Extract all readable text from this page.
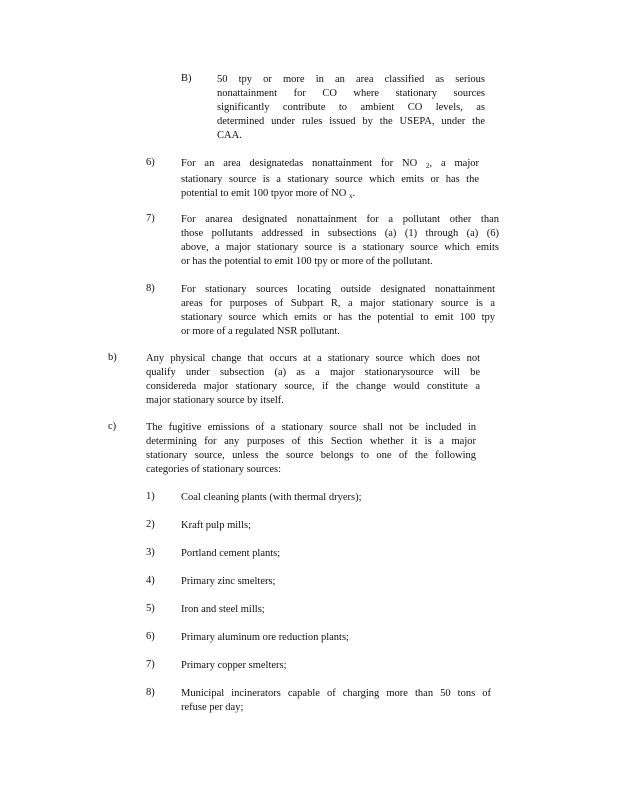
B) 50 tpy or more in an area classified as serious
nonattainment for CO where stationary sources
significantly contribute to ambient CO levels, as
determined under rules issued by the USEPA, under the
CAA.
6)	For an area designatedas nonattainment for NO $_2$, a major
stationary source is a stationary source which emits or has the
potential to emit 100 tpyor more of NO $_x$.
7)	For anarea designated nonattainment for a pollutant other than
those pollutants addressed in subsections (a) (1) through (a) (6)
above, a major stationary source is a stationary source which emits
or has the potential to emit 100 tpy or more of the pollutant.
8)	For stationary sources locating outside designated nonattainment
areas for purposes of Subpart R, a major stationary source is a
stationary source which emits or has the potential to emit 100 tpy
or more of a regulated NSR pollutant.
b)	Any physical change that occurs at a stationary source which does not
qualify under subsection (a) as a major stationarysource will be
considereda major stationary source, if the change would constitute a
major stationary source by itself.
c)	The fugitive emissions of a stationary source shall not be included in
determining for any purposes of this Section whether it is a major
stationary source, unless the source belongs to one of the following
categories of stationary sources:
1)	Coal cleaning plants (with thermal dryers);
2)	Kraft pulp mills;
3)	Portland cement plants;
4)	Primary zinc smelters;
5)	Iron and steel mills;
6)	Primary aluminum ore reduction plants;
7)	Primary copper smelters;
8)	Municipal incinerators capable of charging more than 50 tons of
refuse per day;
